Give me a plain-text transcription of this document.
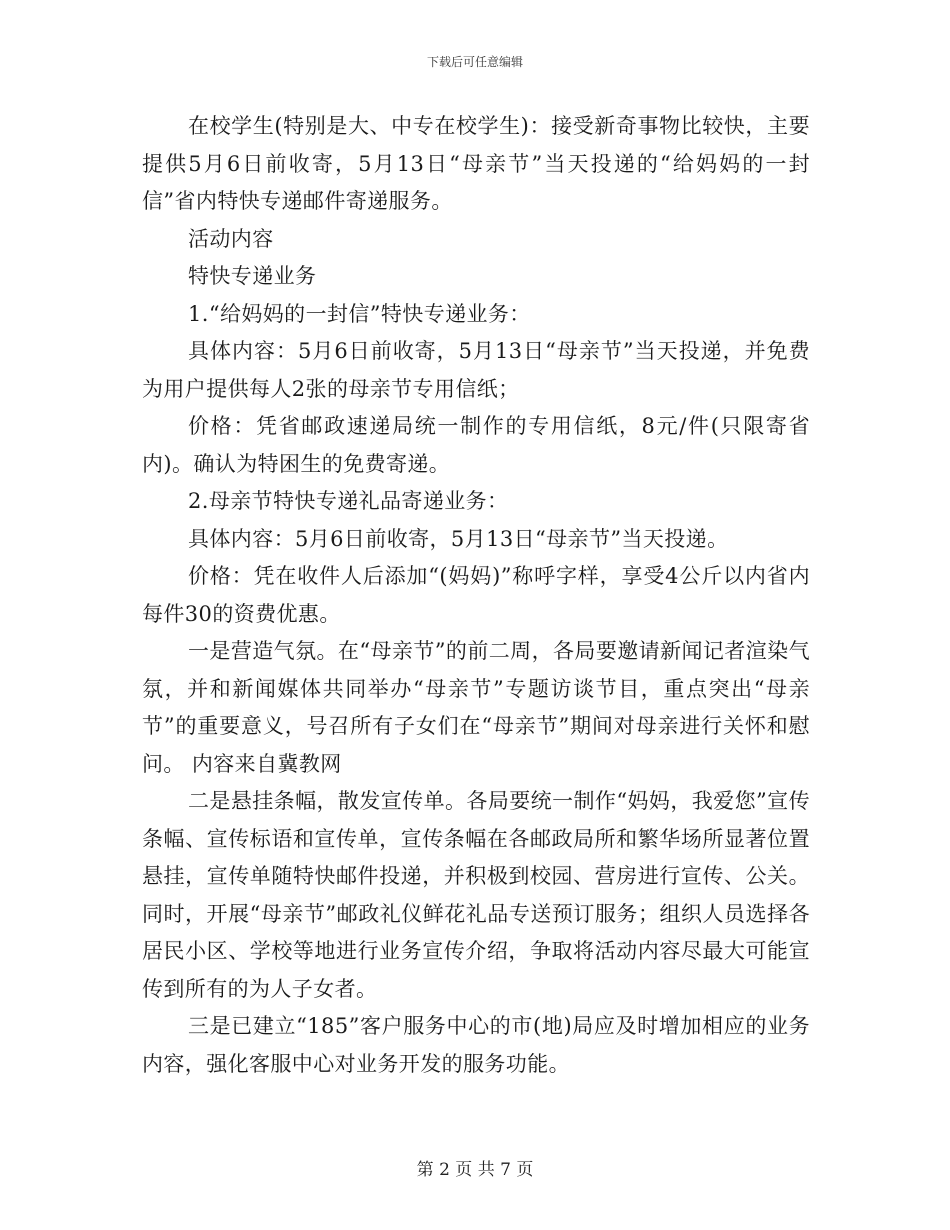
下载后可任意编辑

在校学生(特别是大、中专在校学生)：接受新奇事物比较快，主要提供5月6日前收寄，5月13日“母亲节”当天投递的“给妈妈的一封信”省内特快专递邮件寄递服务。

活动内容

特快专递业务

1.“给妈妈的一封信”特快专递业务：

具体内容：5月6日前收寄，5月13日“母亲节”当天投递，并免费为用户提供每人2张的母亲节专用信纸；

价格：凭省邮政速递局统一制作的专用信纸，8元/件(只限寄省内)。确认为特困生的免费寄递。

2.母亲节特快专递礼品寄递业务：

具体内容：5月6日前收寄，5月13日“母亲节”当天投递。

价格：凭在收件人后添加“(妈妈)”称呼字样，享受4公斤以内省内每件30的资费优惠。

一是营造气氛。在“母亲节”的前二周，各局要邀请新闻记者渲染气氛，并和新闻媒体共同举办“母亲节”专题访谈节目，重点突出“母亲节”的重要意义，号召所有子女们在“母亲节”期间对母亲进行关怀和慰问。 内容来自冀教网

二是悬挂条幅，散发宣传单。各局要统一制作“妈妈，我爱您”宣传条幅、宣传标语和宣传单，宣传条幅在各邮政局所和繁华场所显著位置悬挂，宣传单随特快邮件投递，并积极到校园、营房进行宣传、公关。同时，开展“母亲节”邮政礼仪鲜花礼品专送预订服务；组织人员选择各居民小区、学校等地进行业务宣传介绍，争取将活动内容尽最大可能宣传到所有的为人子女者。

三是已建立“185”客户服务中心的市(地)局应及时增加相应的业务内容，强化客服中心对业务开发的服务功能。

第 2 页 共 7 页
